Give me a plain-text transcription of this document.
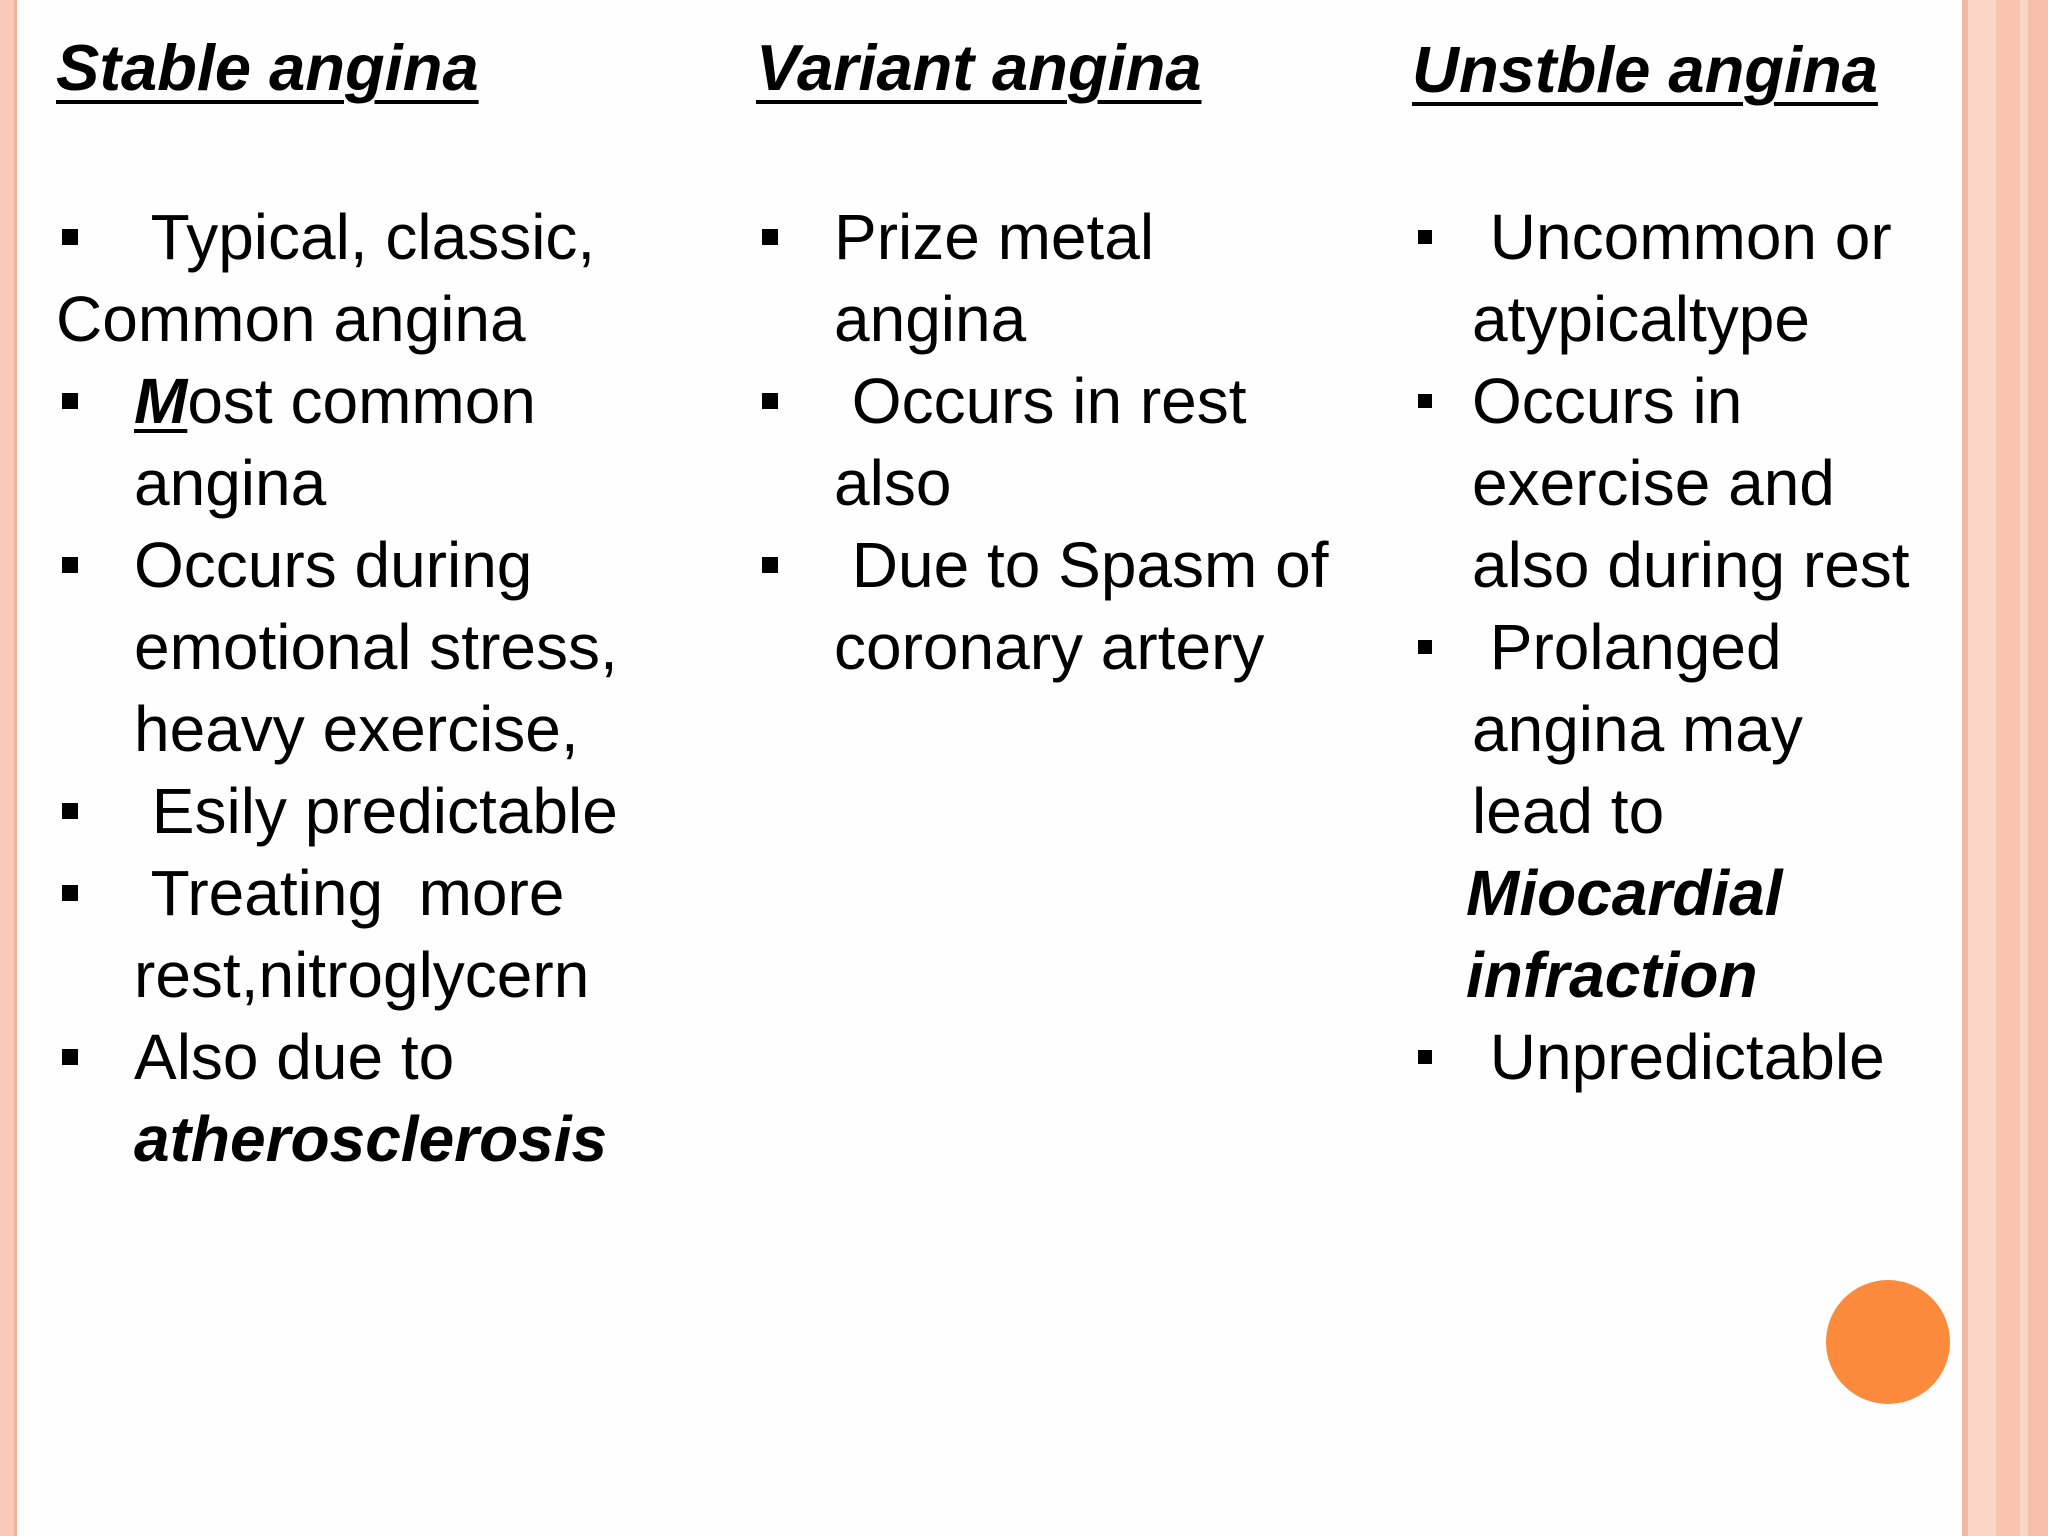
Stable angina
Typical, classic,
Common angina
Most common
angina
Occurs during
emotional stress,
heavy exercise,
Esily predictable
Treating  more
rest,nitroglycern
Also due to
atherosclerosis
Variant angina
Prize metal
angina
Occurs in rest
also
Due to Spasm of
coronary artery
Unstble angina
Uncommon or
atypicaltype
Occurs in
exercise and
also during rest
Prolanged
angina may
lead to
Miocardial
infraction
Unpredictable
